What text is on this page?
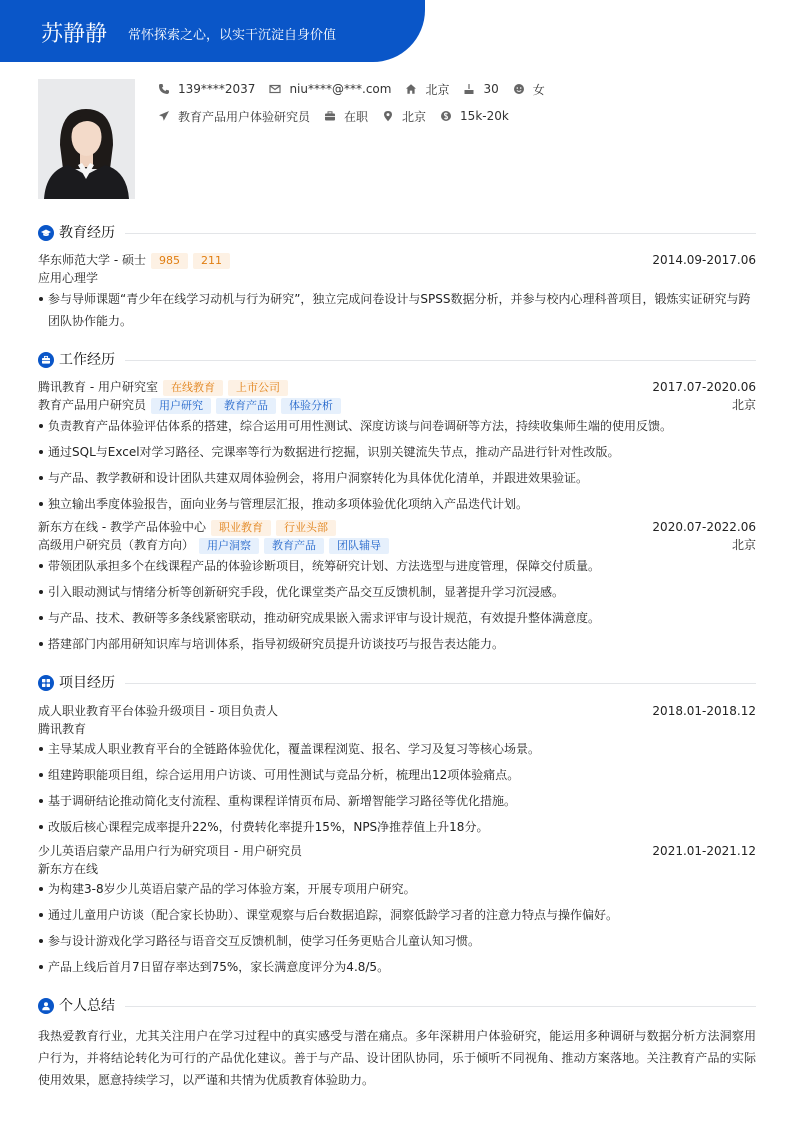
苏静静 常怀探索之心，以实干沉淀自身价值
139****2037	niu****@***.com	北京	30	女
教育产品用户体验研究员	在职	北京	15k-20k
教育经历
华东师范大学 - 硕士	985	211	2014.09-2017.06
应用心理学
参与导师课题“青少年在线学习动机与行为研究”，独立完成问卷设计与SPSS数据分析，并参与校内心理科普项目，锻炼实证研究与跨团队协作能力。
工作经历
腾讯教育 - 用户研究室	在线教育	上市公司	2017.07-2020.06
教育产品用户研究员	用户研究	教育产品	体验分析	北京
负责教育产品体验评估体系的搭建，综合运用可用性测试、深度访谈与问卷调研等方法，持续收集师生端的使用反馈。
通过SQL与Excel对学习路径、完课率等行为数据进行挖掘，识别关键流失节点，推动产品进行针对性改版。
与产品、教学教研和设计团队共建双周体验例会，将用户洞察转化为具体优化清单，并跟进效果验证。
独立输出季度体验报告，面向业务与管理层汇报，推动多项体验优化项纳入产品迭代计划。
新东方在线 - 教学产品体验中心	职业教育	行业头部	2020.07-2022.06
高级用户研究员（教育方向）	用户洞察	教育产品	团队辅导	北京
带领团队承担多个在线课程产品的体验诊断项目，统筹研究计划、方法选型与进度管理，保障交付质量。
引入眼动测试与情绪分析等创新研究手段，优化课堂类产品交互反馈机制，显著提升学习沉浸感。
与产品、技术、教研等多条线紧密联动，推动研究成果嵌入需求评审与设计规范，有效提升整体满意度。
搭建部门内部用研知识库与培训体系，指导初级研究员提升访谈技巧与报告表达能力。
项目经历
成人职业教育平台体验升级项目 - 项目负责人	2018.01-2018.12
腾讯教育
主导某成人职业教育平台的全链路体验优化，覆盖课程浏览、报名、学习及复习等核心场景。
组建跨职能项目组，综合运用用户访谈、可用性测试与竞品分析，梳理出12项体验痛点。
基于调研结论推动简化支付流程、重构课程详情页布局、新增智能学习路径等优化措施。
改版后核心课程完成率提升22%，付费转化率提升15%，NPS净推荐值上升18分。
少儿英语启蒙产品用户行为研究项目 - 用户研究员	2021.01-2021.12
新东方在线
为构建3-8岁少儿英语启蒙产品的学习体验方案，开展专项用户研究。
通过儿童用户访谈（配合家长协助）、课堂观察与后台数据追踪，洞察低龄学习者的注意力特点与操作偏好。
参与设计游戏化学习路径与语音交互反馈机制，使学习任务更贴合儿童认知习惯。
产品上线后首月7日留存率达到75%，家长满意度评分为4.8/5。
个人总结
我热爱教育行业，尤其关注用户在学习过程中的真实感受与潜在痛点。多年深耕用户体验研究，能运用多种调研与数据分析方法洞察用户行为，并将结论转化为可行的产品优化建议。善于与产品、设计团队协同，乐于倾听不同视角、推动方案落地。关注教育产品的实际使用效果，愿意持续学习，以严谨和共情为优质教育体验助力。
